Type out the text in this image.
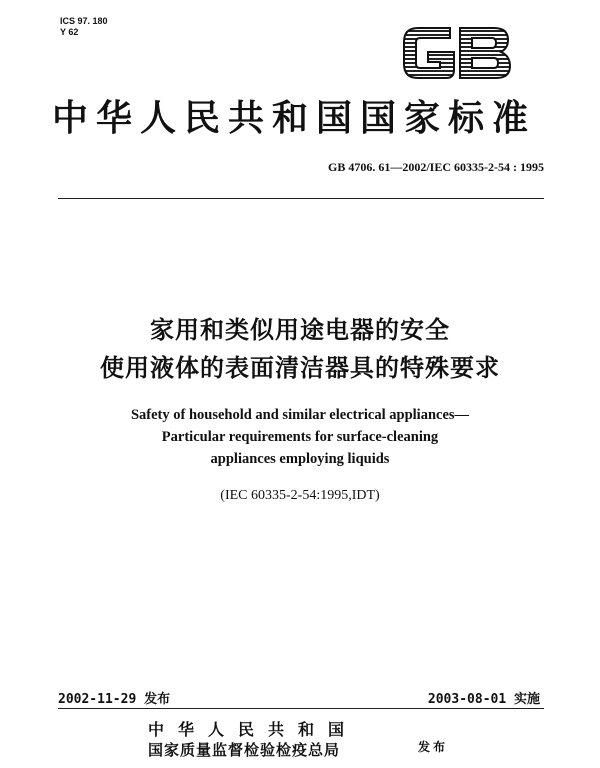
ICS 97. 180
Y 62
中华人民共和国国家标准
GB 4706. 61—2002/IEC 60335-2-54 : 1995
家用和类似用途电器的安全
使用液体的表面清洁器具的特殊要求
Safety of household and similar electrical appliances—
Particular requirements for surface-cleaning
appliances employing liquids
(IEC 60335-2-54:1995,IDT)
2002-11-29 发布	2003-08-01 实施
中华人民共和国
国家质量监督检验检疫总局	发布
